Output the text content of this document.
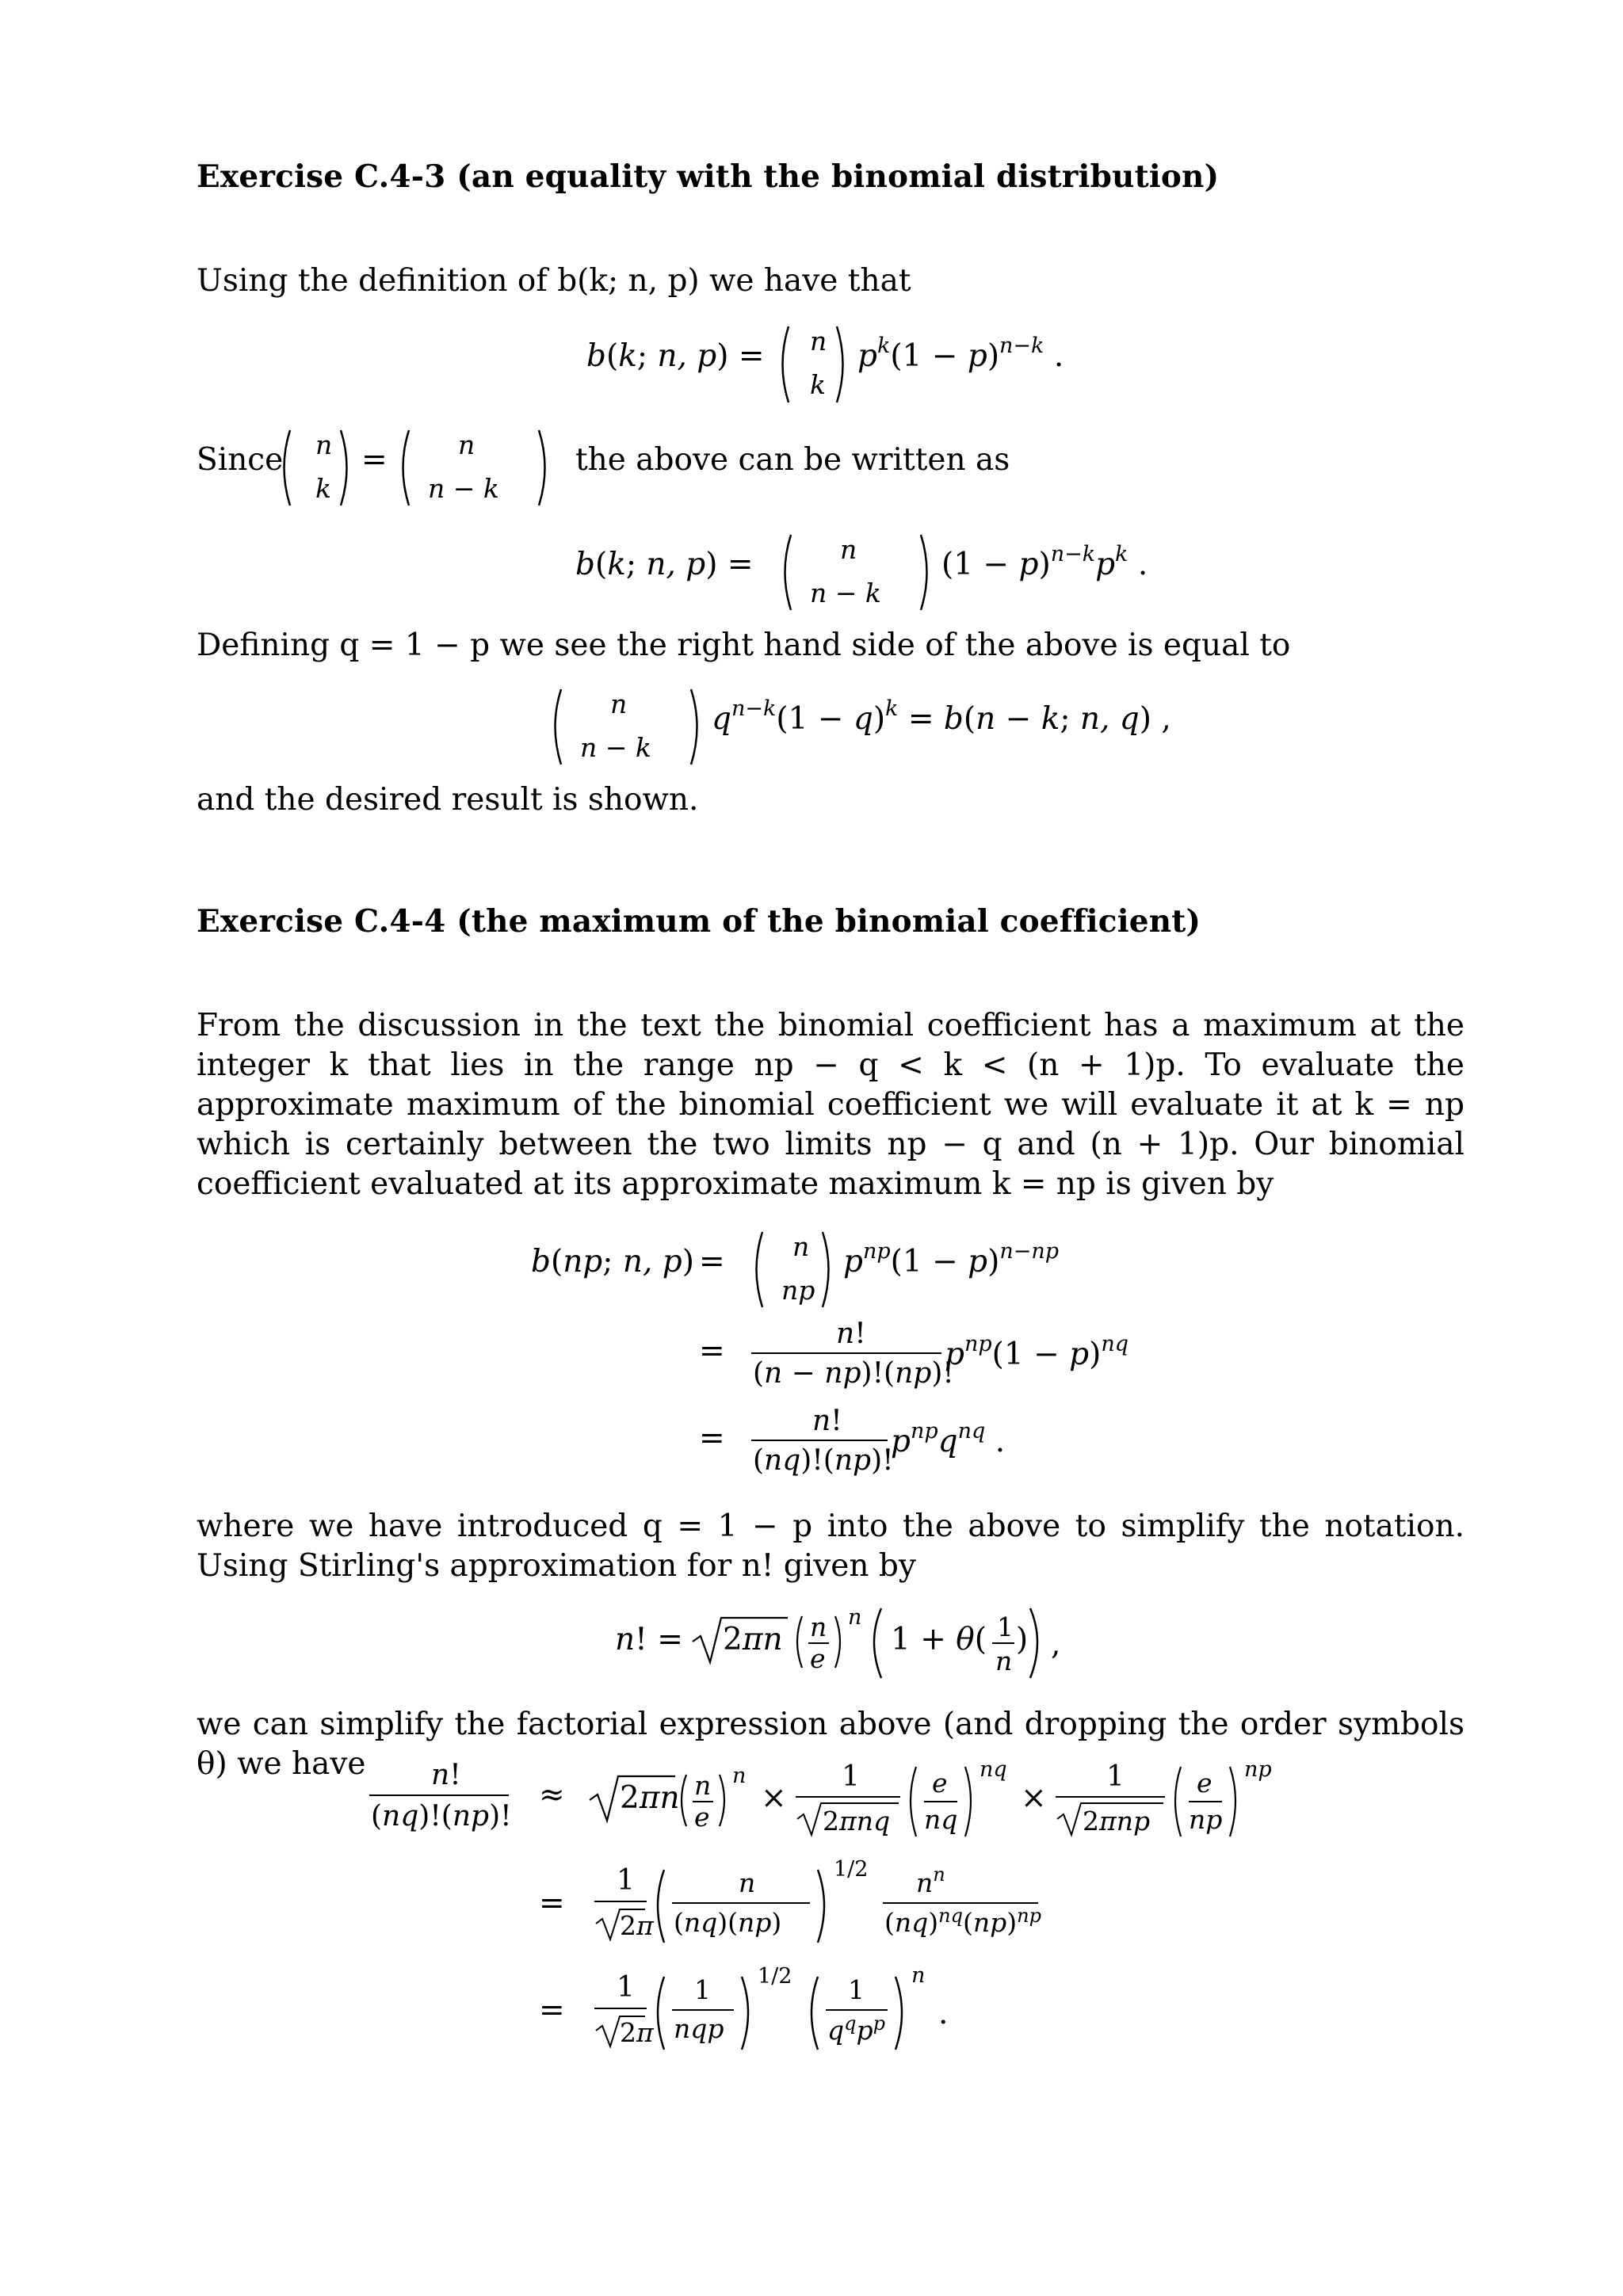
Exercise C.4-3 (an equality with the binomial distribution)
Using the definition of b(k; n, p) we have that
b(k; n, p) = n
k
$p^k(1 - p)^n-k$ .
Since n
k
=	n
n − k
the above can be written as
b(k; n, p) =	n
n − k
$(1 - p)^n-kp^k$ .
Defining q = 1 − p we see the right hand side of the above is equal to
n
n − k
$q^n-k(1 - q)^k = b(n - k$; n, q) ,
and the desired result is shown.
Exercise C.4-4 (the maximum of the binomial coefficient)
From the discussion in the text the binomial coefficient has a maximum at the integer k that lies in the range np − q < k < (n + 1)p. To evaluate the approximate maximum of the binomial coefficient we will evaluate it at k = np which is certainly between the two limits np − q and (n + 1)p. Our binomial coefficient evaluated at its approximate maximum k = np is given by
b(np; n, p) =	n
np
$p^{np}(1 - p)^n-np$
=	n!
(n − np)!(np)!
$p^{np}(1 - p)^{nq}$
=	n!
(nq)!(np)!
$p^{np}q^{nq}$ .
where we have introduced q = 1 − p into the above to simplify the notation. Using Stirling's approximation for n! given by
n! = 2πn n
e
n
1 + θ( 1
n
) ,
we can simplify the factorial expression above (and dropping the order symbols θ) we have	n!
(nq)!(np)!
≈ 2πn n
e
n
×
1
2πnq
e
nq
nq
×
1
2πnp
e
np
np
=
1
2π
n
(nq)(np)
1/2 $n^n$
(nq)$^{nq}$(np)$^{np}$
=
1
2π
1
nqp
1/2 1
$q^qp^p$
n
.
